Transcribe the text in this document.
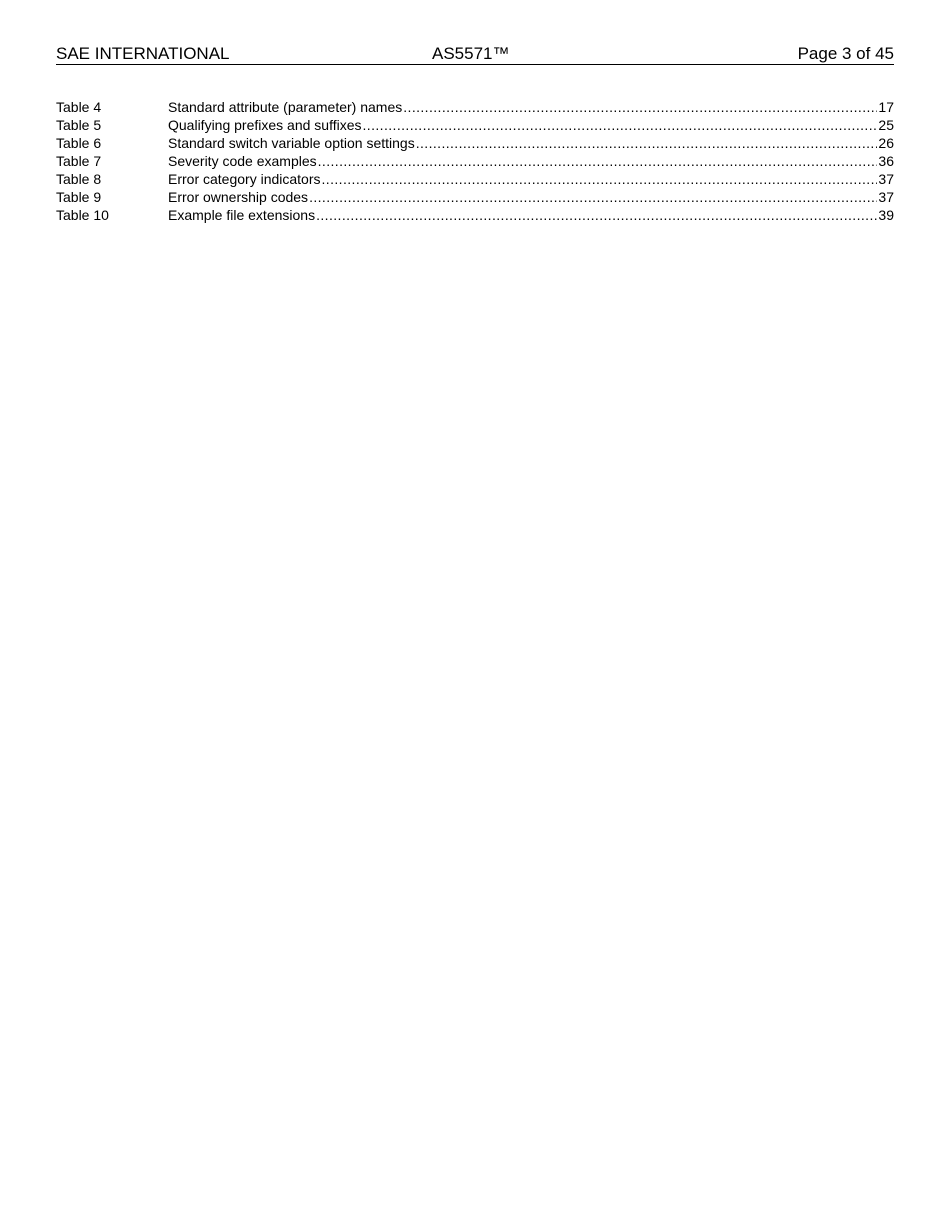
SAE INTERNATIONAL	AS5571™	Page 3 of 45
Table 4	Standard attribute (parameter) names .....	17
Table 5	Qualifying prefixes and suffixes .....	25
Table 6	Standard switch variable option settings .....	26
Table 7	Severity code examples .....	36
Table 8	Error category indicators .....	37
Table 9	Error ownership codes .....	37
Table 10	Example file extensions .....	39
